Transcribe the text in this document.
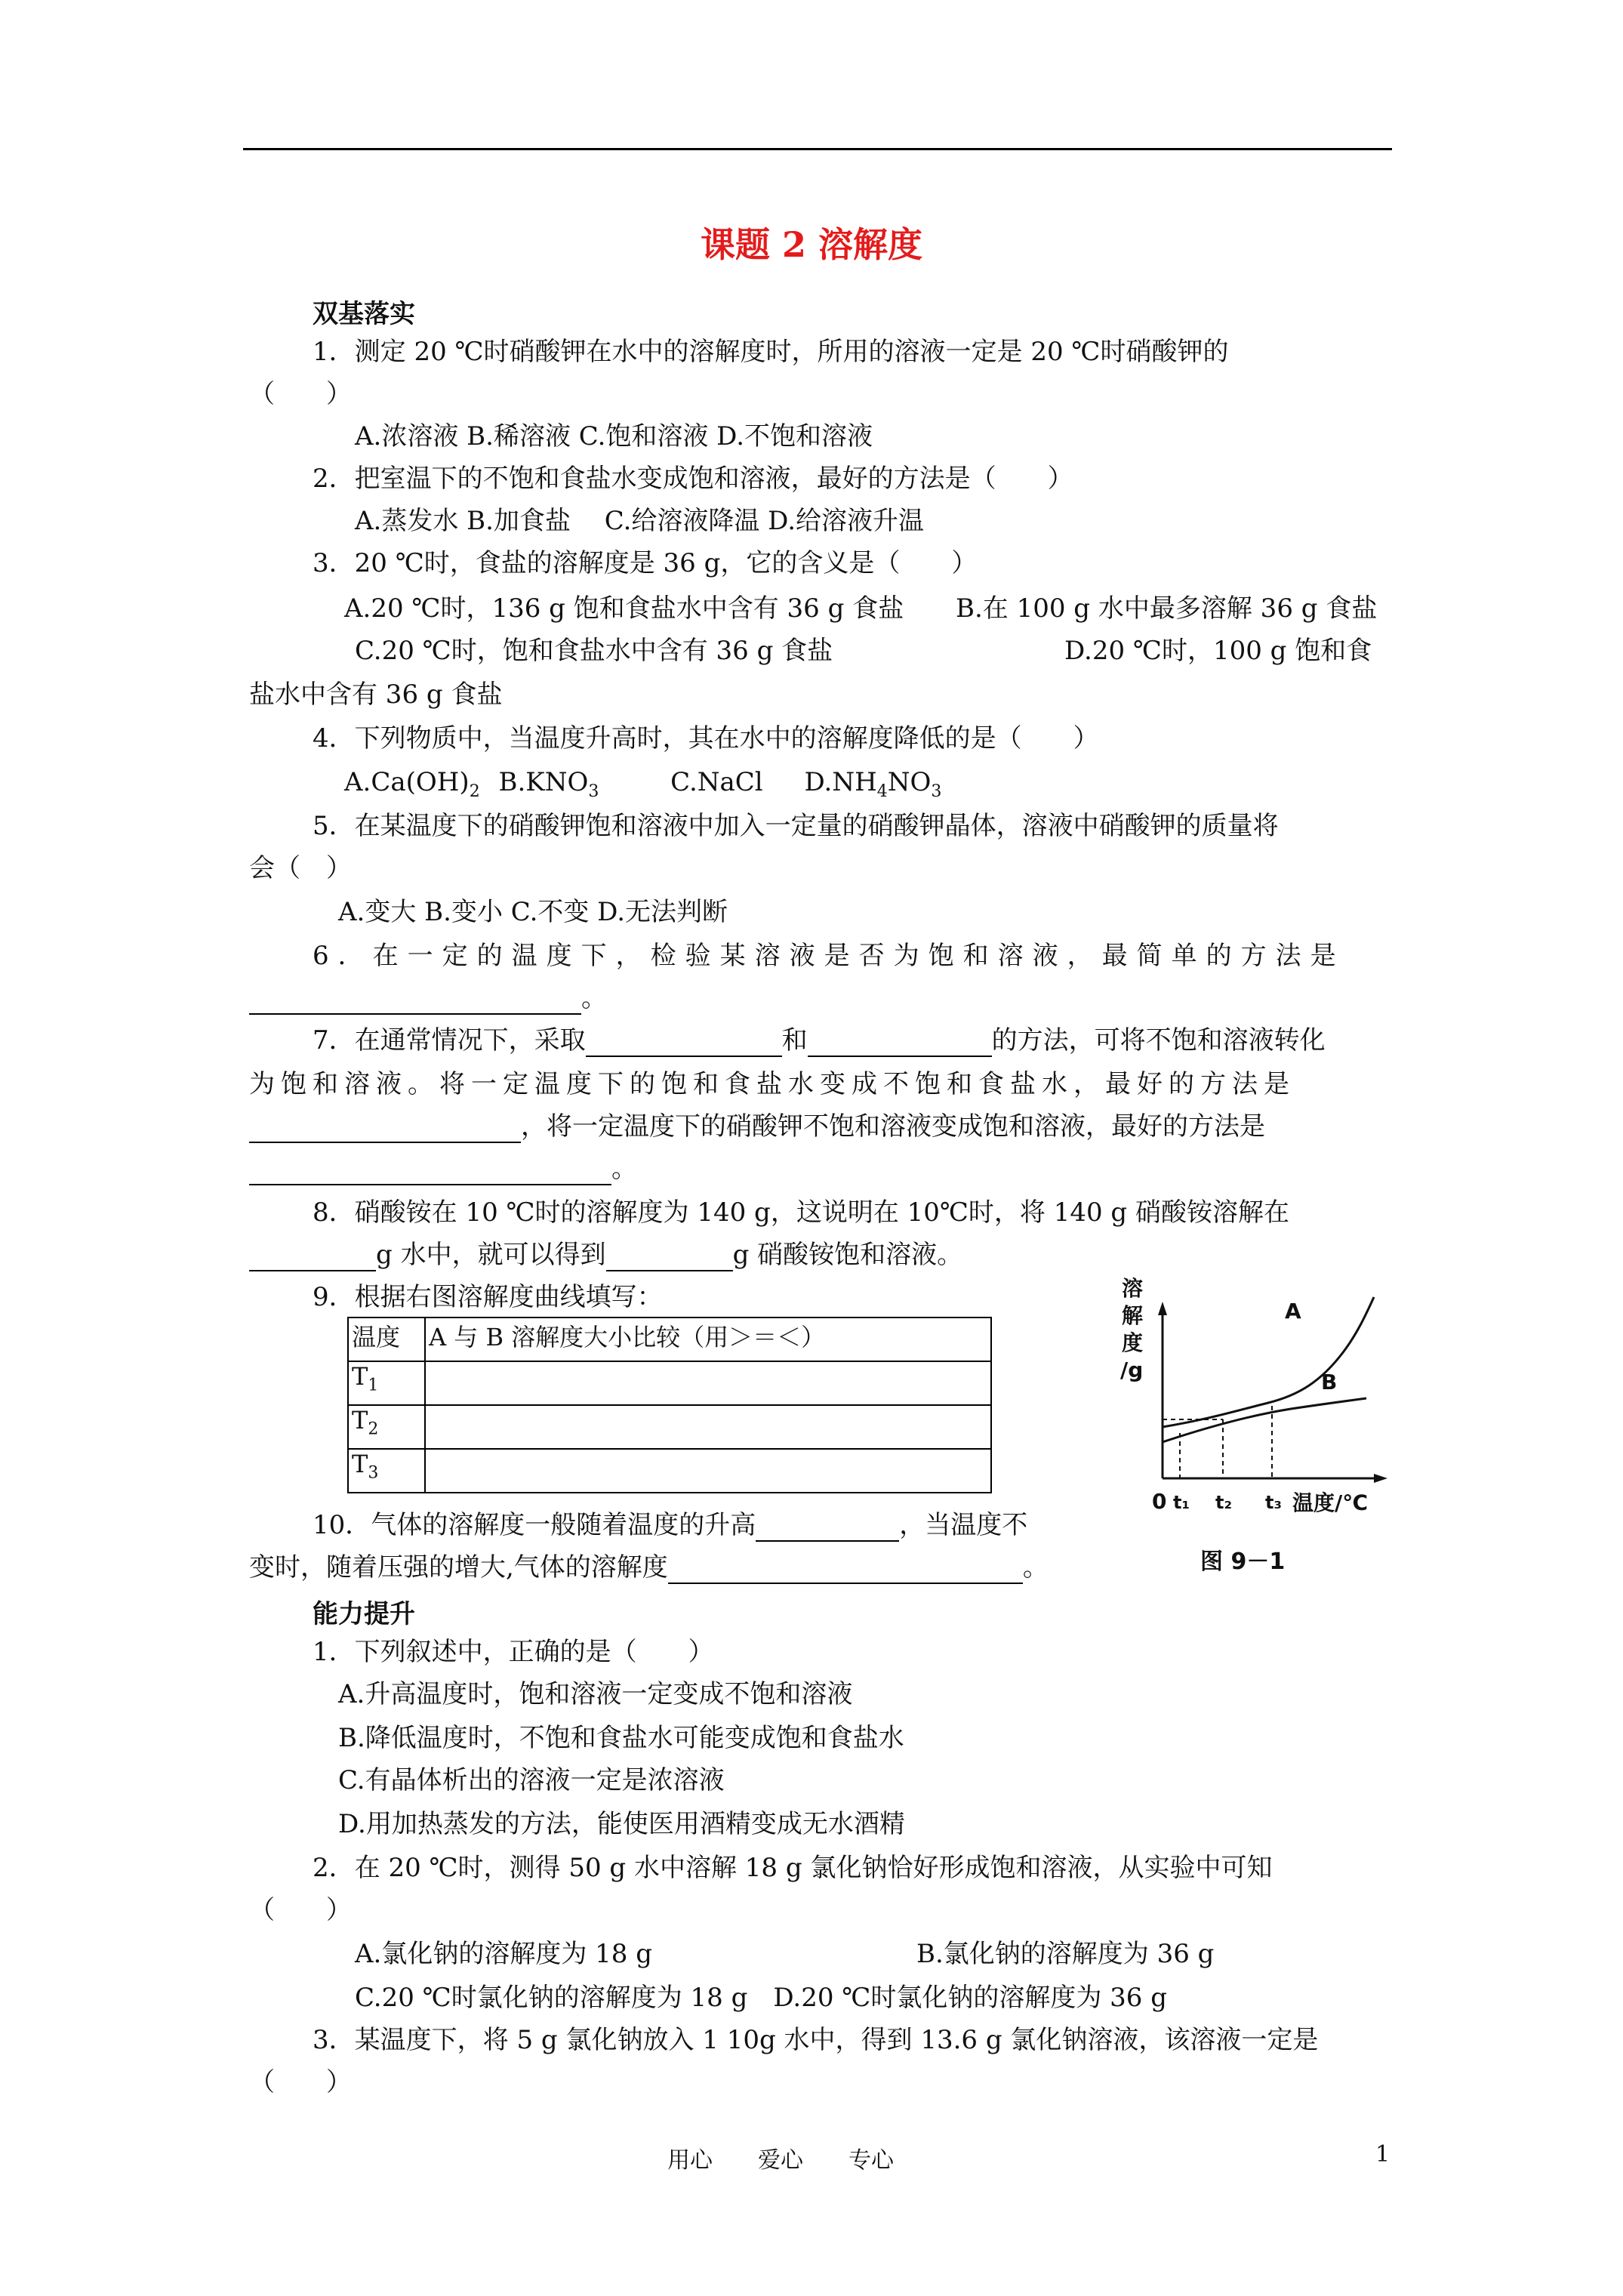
课题 2 溶解度
双基落实
1．测定 20 ℃时硝酸钾在水中的溶解度时，所用的溶液一定是 20 ℃时硝酸钾的
（　　）
A.浓溶液 B.稀溶液 C.饱和溶液 D.不饱和溶液
2．把室温下的不饱和食盐水变成饱和溶液，最好的方法是（　　）
A.蒸发水 B.加食盐　 C.给溶液降温 D.给溶液升温
3．20 ℃时，食盐的溶解度是 36 g，它的含义是（　　）
A.20 ℃时，136 g 饱和食盐水中含有 36 g 食盐 B.在 100 g 水中最多溶解 36 g 食盐
C.20 ℃时，饱和食盐水中含有 36 g 食盐	D.20 ℃时，100 g 饱和食
盐水中含有 36 g 食盐
4．下列物质中，当温度升高时，其在水中的溶解度降低的是（　　）
$A.Ca(OH)_2$ $B.KNO_3$	C.NaCl $D.NH_4NO_3$
5．在某温度下的硝酸钾饱和溶液中加入一定量的硝酸钾晶体，溶液中硝酸钾的质量将
会（　）
A.变大 B.变小 C.不变 D.无法判断
6．在一定的温度下，检验某溶液是否为饱和溶液，最简单的方法是
。
7．在通常情况下，采取	和	的方法，可将不饱和溶液转化
为饱和溶液。将一定温度下的饱和食盐水变成不饱和食盐水，最好的方法是
，将一定温度下的硝酸钾不饱和溶液变成饱和溶液，最好的方法是
。
8．硝酸铵在 10 ℃时的溶解度为 140 g，这说明在 10℃时，将 140 g 硝酸铵溶解在
g 水中，就可以得到	g 硝酸铵饱和溶液。
9．根据右图溶解度曲线填写：
温度	A 与 B 溶解度大小比较（用＞＝＜）
$T_1$	
$T_2$	
$T_3$	
溶
解
度
/g
A
B
0 t₁ t₂ t₃ 温度/℃
图 9－1
10．气体的溶解度一般随着温度的升高	，当温度不
变时，随着压强的增大,气体的溶解度	。
能力提升
1．下列叙述中，正确的是（　　）
A.升高温度时，饱和溶液一定变成不饱和溶液
B.降低温度时，不饱和食盐水可能变成饱和食盐水
C.有晶体析出的溶液一定是浓溶液
D.用加热蒸发的方法，能使医用酒精变成无水酒精
2．在 20 ℃时，测得 50 g 水中溶解 18 g 氯化钠恰好形成饱和溶液，从实验中可知
（　　）
A.氯化钠的溶解度为 18 g	B.氯化钠的溶解度为 36 g
C.20 ℃时氯化钠的溶解度为 18 g　D.20 ℃时氯化钠的溶解度为 36 g
3．某温度下，将 5 g 氯化钠放入 1 10g 水中，得到 13.6 g 氯化钠溶液，该溶液一定是
（　　）
用心　　爱心　　专心	1
